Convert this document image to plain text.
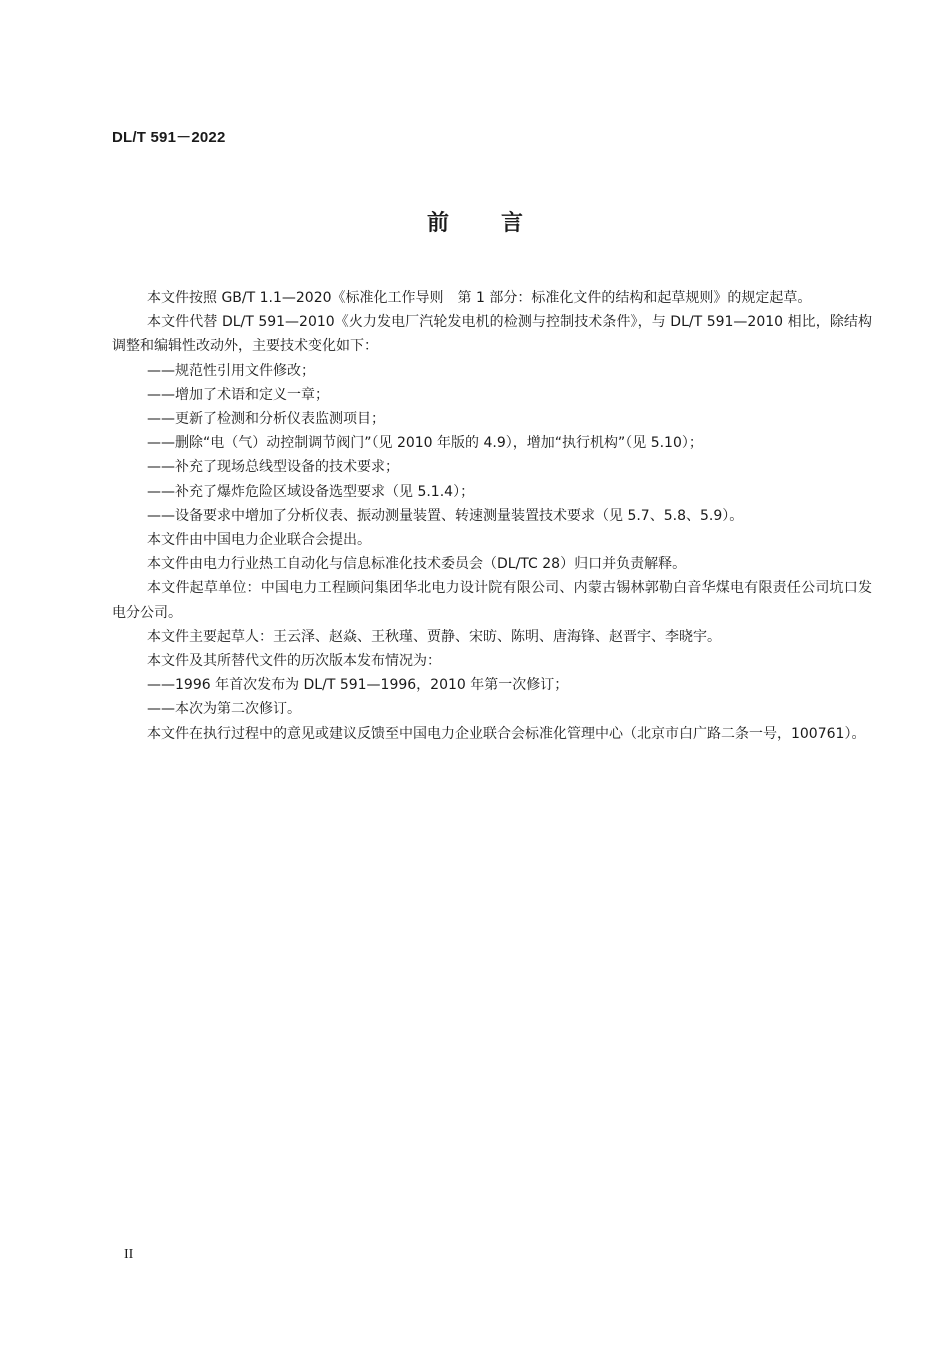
DL/T 591－2022
前言

本文件按照 GB/T 1.1—2020《标准化工作导则　第 1 部分：标准化文件的结构和起草规则》的规定起草。

本文件代替 DL/T 591—2010《火力发电厂汽轮发电机的检测与控制技术条件》，与 DL/T 591—2010 相比，除结构调整和编辑性改动外，主要技术变化如下：

——规范性引用文件修改；

——增加了术语和定义一章；

——更新了检测和分析仪表监测项目；

——删除“电（气）动控制调节阀门”（见 2010 年版的 4.9），增加“执行机构”（见 5.10）；

——补充了现场总线型设备的技术要求；

——补充了爆炸危险区域设备选型要求（见 5.1.4）；

——设备要求中增加了分析仪表、振动测量装置、转速测量装置技术要求（见 5.7、5.8、5.9）。

本文件由中国电力企业联合会提出。

本文件由电力行业热工自动化与信息标准化技术委员会（DL/TC 28）归口并负责解释。

本文件起草单位：中国电力工程顾问集团华北电力设计院有限公司、内蒙古锡林郭勒白音华煤电有限责任公司坑口发电分公司。

本文件主要起草人：王云泽、赵焱、王秋瑾、贾静、宋昉、陈明、唐海锋、赵晋宇、李晓宇。

本文件及其所替代文件的历次版本发布情况为：

——1996 年首次发布为 DL/T 591—1996，2010 年第一次修订；

——本次为第二次修订。

本文件在执行过程中的意见或建议反馈至中国电力企业联合会标准化管理中心（北京市白广路二条一号，100761）。

II
